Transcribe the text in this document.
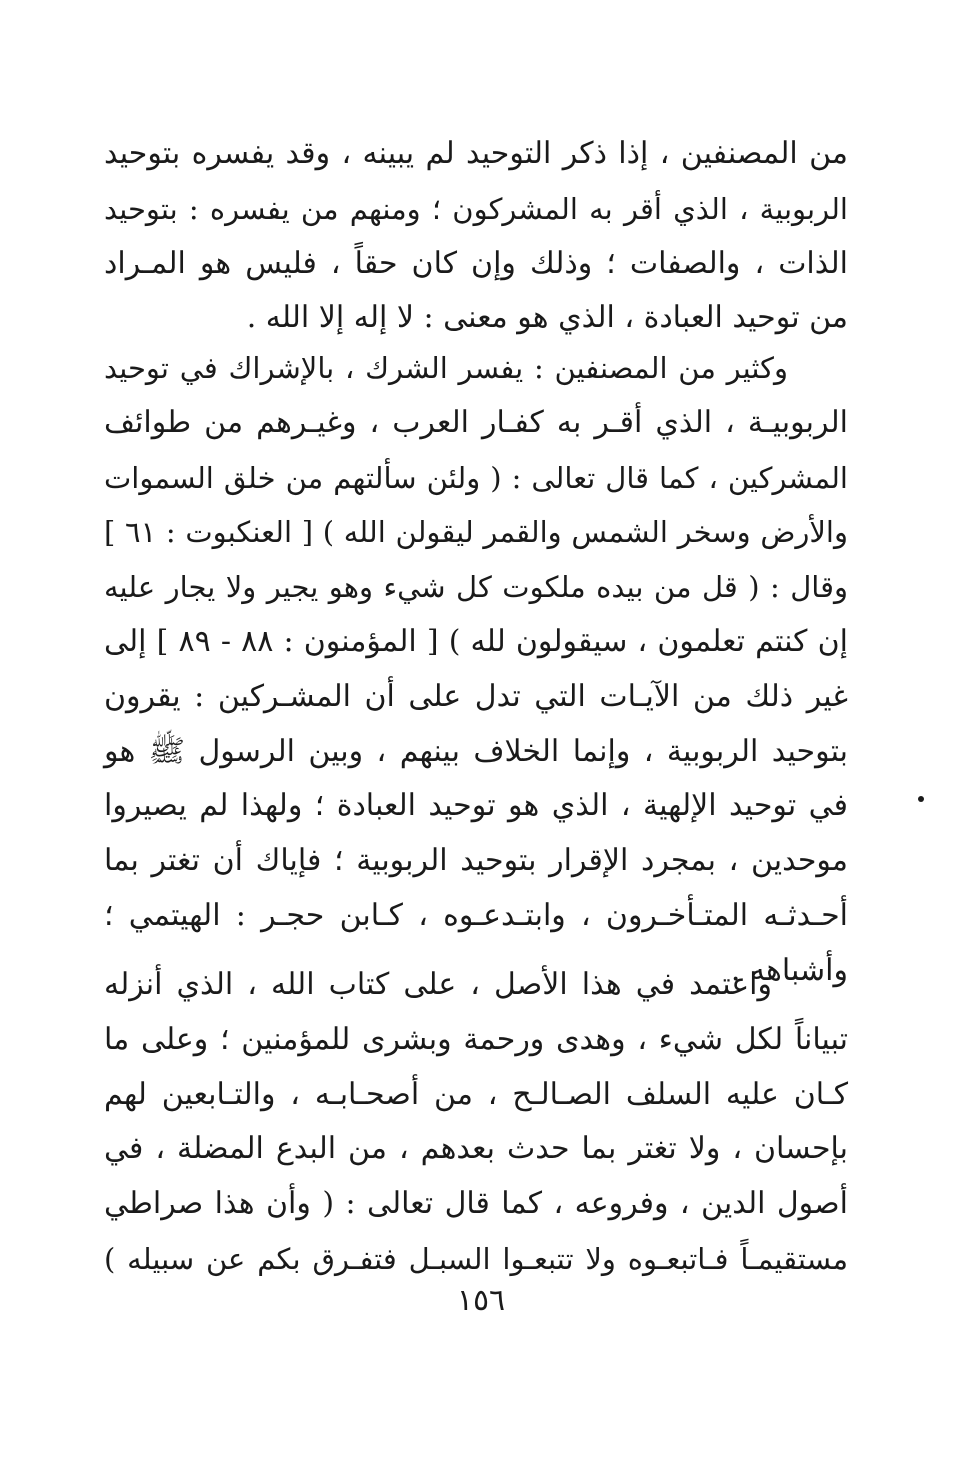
من المصنفين ، إذا ذكر التوحيد لم يبينه ، وقد يفسره بتوحيد
الربوبية ، الذي أقر به المشركون ؛ ومنهم من يفسره : بتوحيد
الذات ، والصفات ؛ وذلك وإن كان حقاً ، فليس هو المـراد
من توحيد العبادة ، الذي هو معنى : لا إله إلا الله .
وكثير من المصنفين : يفسر الشرك ، بالإشراك في توحيد
الربوبيـة ، الذي أقـر به كفـار العرب ، وغيـرهم من طوائف
المشركين ، كما قال تعالى : ( ولئن سألتهم من خلق السموات
والأرض وسخر الشمس والقمر ليقولن الله ) [ العنكبوت : ٦١ ]
وقال : ( قل من بيده ملكوت كل شيء وهو يجير ولا يجار عليه
إن كنتم تعلمون ، سيقولون لله ) [ المؤمنون : ٨٨ - ٨٩ ] إلى
غير ذلك من الآيـات التي تدل على أن المشـركين : يقرون
بتوحيد الربوبية ، وإنما الخلاف بينهم ، وبين الرسول ﷺ هو
في توحيد الإلهية ، الذي هو توحيد العبادة ؛ ولهذا لم يصيروا
موحدين ، بمجرد الإقرار بتوحيد الربوبية ؛ فإياك أن تغتر بما
أحـدثـه المتـأخـرون ، وابتـدعـوه ، كـابن حجـر : الهيتمي ؛
وأشباهه .
واعتمد في هذا الأصل ، على كتاب الله ، الذي أنزله
تبياناً لكل شيء ، وهدى ورحمة وبشرى للمؤمنين ؛ وعلى ما
كـان عليه السلف الصـالـح ، من أصحـابـه ، والتـابعين لهم
بإحسان ، ولا تغتر بما حدث بعدهم ، من البدع المضلة ، في
أصول الدين ، وفروعه ، كما قال تعالى : ( وأن هذا صراطي
مستقيمـاً فـاتبعـوه ولا تتبعـوا السبـل فتفـرق بكم عن سبيله )
١٥٦
